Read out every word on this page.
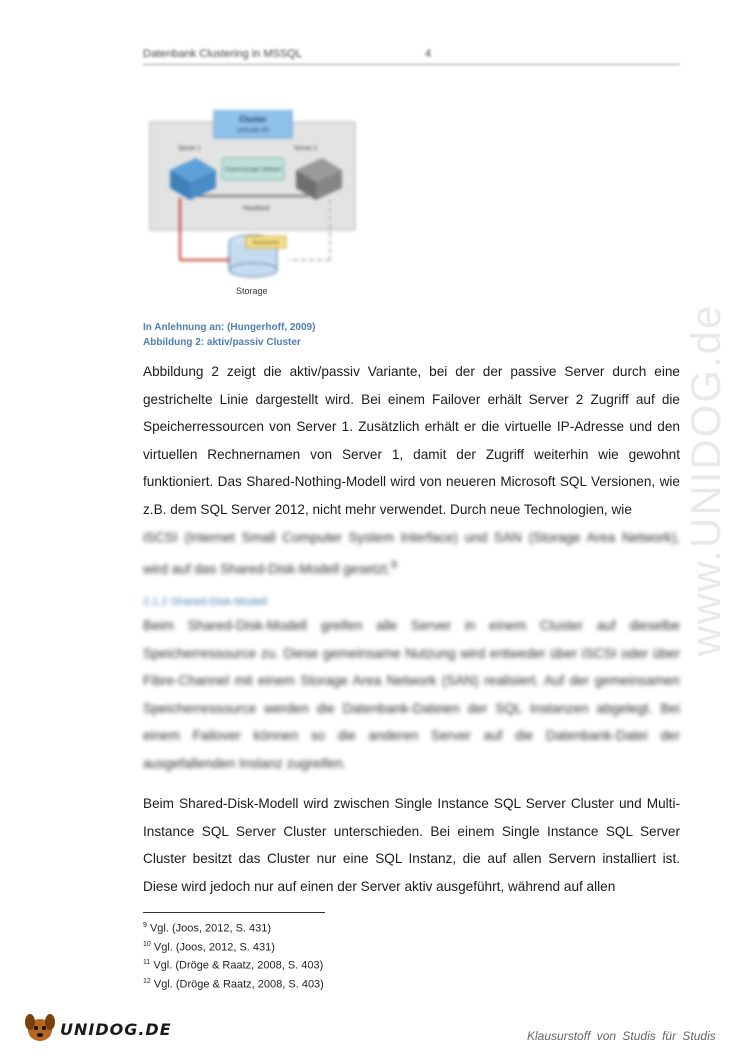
Datenbank Clustering in MSSQL	4
Cluster
(virtuelle IP)
Server 1	Server 2
Clustermanager Software
Heartbeat
Ressourcen
Storage
In Anlehnung an: (Hungerhoff, 2009)
Abbildung 2: aktiv/passiv Cluster

Abbildung 2 zeigt die aktiv/passiv Variante, bei der der passive Server durch eine gestrichelte Linie dargestellt wird. Bei einem Failover erhält Server 2 Zugriff auf die Speicherressourcen von Server 1. Zusätzlich erhält er die virtuelle IP-Adresse und den virtuellen Rechnernamen von Server 1, damit der Zugriff weiterhin wie gewohnt funktioniert. Das Shared-Nothing-Modell wird von neueren Microsoft SQL Versionen, wie z.B. dem SQL Server 2012, nicht mehr verwendet. Durch neue Technologien, wie

iSCSI (Internet Small Computer System Interface) und SAN (Storage Area Network), wird auf das Shared-Disk-Modell gesetzt.$^9$

2.1.2 Shared-Disk-Modell

Beim Shared-Disk-Modell greifen alle Server in einem Cluster auf dieselbe Speicherressource zu. Diese gemeinsame Nutzung wird entweder über iSCSI oder über Fibre-Channel mit einem Storage Area Network (SAN) realisiert. Auf der gemeinsamen Speicherressource werden die Datenbank-Dateien der SQL Instanzen abgelegt. Bei einem Failover können so die anderen Server auf die Datenbank-Datei der ausgefallenden Instanz zugreifen.

Beim Shared-Disk-Modell wird zwischen Single Instance SQL Server Cluster und Multi-Instance SQL Server Cluster unterschieden. Bei einem Single Instance SQL Server Cluster besitzt das Cluster nur eine SQL Instanz, die auf allen Servern installiert ist. Diese wird jedoch nur auf einen der Server aktiv ausgeführt, während auf allen

$^9$ Vgl. (Joos, 2012, S. 431)
$^{10}$ Vgl. (Joos, 2012, S. 431)
$^{11}$ Vgl. (Dröge & Raatz, 2008, S. 403)
$^{12}$ Vgl. (Dröge & Raatz, 2008, S. 403)
www.UNIDOG.de
UNIDOG.DE	Klausurstoff von Studis für Studis
